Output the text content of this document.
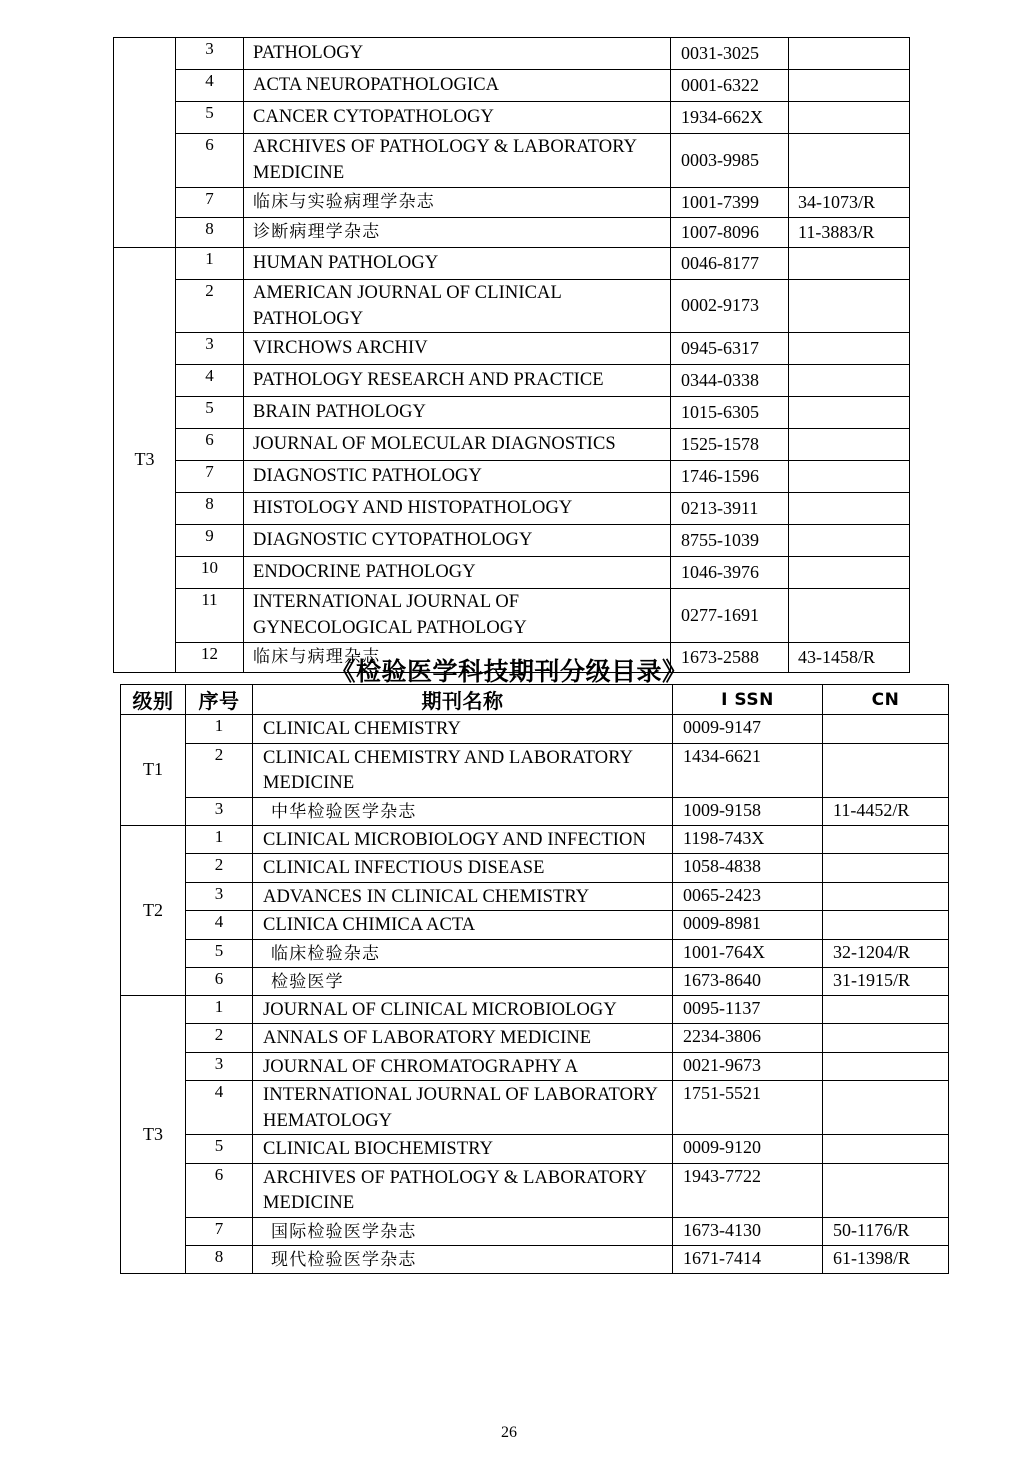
	3	PATHOLOGY	0031-3025	
	4	ACTA NEUROPATHOLOGICA	0001-6322	
	5	CANCER CYTOPATHOLOGY	1934-662X	
	6	ARCHIVES OF PATHOLOGY & LABORATORY MEDICINE	0003-9985	
	7	临床与实验病理学杂志	1001-7399	34-1073/R
	8	诊断病理学杂志	1007-8096	11-3883/R
T3	1	HUMAN PATHOLOGY	0046-8177	
	2	AMERICAN JOURNAL OF CLINICAL PATHOLOGY	0002-9173	
	3	VIRCHOWS ARCHIV	0945-6317	
	4	PATHOLOGY RESEARCH AND PRACTICE	0344-0338	
	5	BRAIN PATHOLOGY	1015-6305	
	6	JOURNAL OF MOLECULAR DIAGNOSTICS	1525-1578	
	7	DIAGNOSTIC PATHOLOGY	1746-1596	
	8	HISTOLOGY AND HISTOPATHOLOGY	0213-3911	
	9	DIAGNOSTIC CYTOPATHOLOGY	8755-1039	
	10	ENDOCRINE PATHOLOGY	1046-3976	
	11	INTERNATIONAL JOURNAL OF GYNECOLOGICAL PATHOLOGY	0277-1691	
	12	临床与病理杂志	1673-2588	43-1458/R
《检验医学科技期刊分级目录》
级别	序号	期刊名称	I SSN	CN
T1	1	CLINICAL CHEMISTRY	0009-9147	
	2	CLINICAL CHEMISTRY AND LABORATORY MEDICINE	1434-6621	
	3	中华检验医学杂志	1009-9158	11-4452/R
T2	1	CLINICAL MICROBIOLOGY AND INFECTION	1198-743X	
	2	CLINICAL INFECTIOUS DISEASE	1058-4838	
	3	ADVANCES IN CLINICAL CHEMISTRY	0065-2423	
	4	CLINICA CHIMICA ACTA	0009-8981	
	5	临床检验杂志	1001-764X	32-1204/R
	6	检验医学	1673-8640	31-1915/R
T3	1	JOURNAL OF CLINICAL MICROBIOLOGY	0095-1137	
	2	ANNALS OF LABORATORY MEDICINE	2234-3806	
	3	JOURNAL OF CHROMATOGRAPHY A	0021-9673	
	4	INTERNATIONAL JOURNAL OF LABORATORY HEMATOLOGY	1751-5521	
	5	CLINICAL BIOCHEMISTRY	0009-9120	
	6	ARCHIVES OF PATHOLOGY & LABORATORY MEDICINE	1943-7722	
	7	国际检验医学杂志	1673-4130	50-1176/R
	8	现代检验医学杂志	1671-7414	61-1398/R
26
